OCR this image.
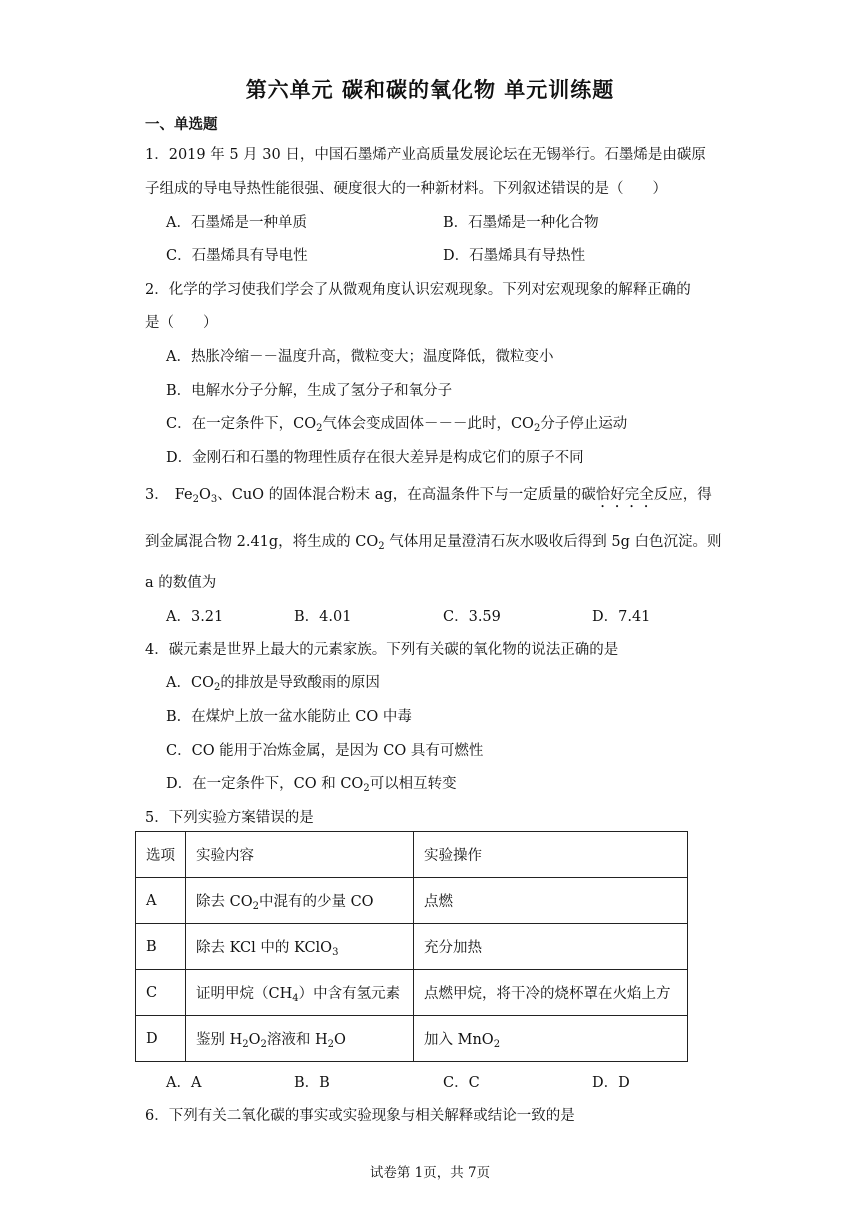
第六单元 碳和碳的氧化物 单元训练题
一、单选题
1．2019 年 5 月 30 日，中国石墨烯产业高质量发展论坛在无锡举行。石墨烯是由碳原
子组成的导电导热性能很强、硬度很大的一种新材料。下列叙述错误的是（　　）
A．石墨烯是一种单质	B．石墨烯是一种化合物
C．石墨烯具有导电性	D．石墨烯具有导热性
2．化学的学习使我们学会了从微观角度认识宏观现象。下列对宏观现象的解释正确的
是（　　）
A．热胀冷缩－－温度升高，微粒变大；温度降低，微粒变小
B．电解水分子分解，生成了氢分子和氧分子
C．在一定条件下，$CO_2$气体会变成固体－－－此时，$CO_2$分子停止运动
D．金刚石和石墨的物理性质存在很大差异是构成它们的原子不同
3． $Fe_2O_3$、CuO 的固体混合粉末 ag，在高温条件下与一定质量的碳恰好完全反应，得
到金属混合物 2.41g，将生成的 $CO_2$ 气体用足量澄清石灰水吸收后得到 5g 白色沉淀。则
a 的数值为
A．3.21	B．4.01	C．3.59	D．7.41
4．碳元素是世界上最大的元素家族。下列有关碳的氧化物的说法正确的是
A．$CO_2$的排放是导致酸雨的原因
B．在煤炉上放一盆水能防止 CO 中毒
C．CO 能用于冶炼金属，是因为 CO 具有可燃性
D．在一定条件下，CO 和 $CO_2$可以相互转变
5．下列实验方案错误的是
选项	实验内容	实验操作
A	除去 $CO_2$中混有的少量 CO	点燃
B	除去 KCl 中的 KClO$_3$	充分加热
C	证明甲烷$(CH_4)$中含有氢元素	点燃甲烷，将干冷的烧杯罩在火焰上方
D	鉴别 $H_2O_2$溶液和 $H_2O$	加入 MnO$_2$
A．A	B．B	C．C	D．D
6．下列有关二氧化碳的事实或实验现象与相关解释或结论一致的是
试卷第 1页，共 7页
